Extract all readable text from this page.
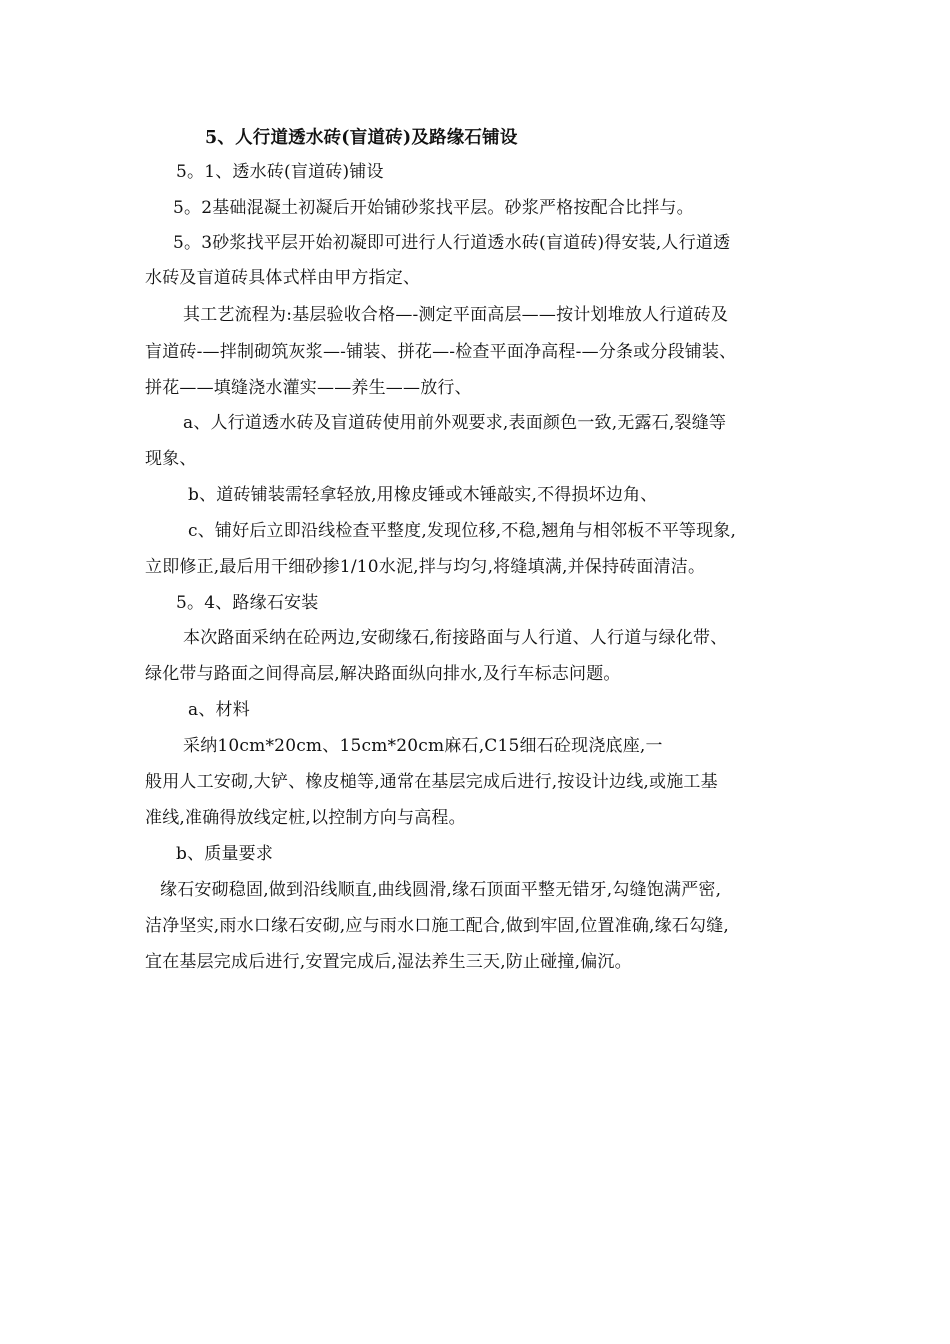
5、人行道透水砖(盲道砖)及路缘石铺设
5。1、透水砖(盲道砖)铺设
5。2基础混凝土初凝后开始铺砂浆找平层。砂浆严格按配合比拌与。
5。3砂浆找平层开始初凝即可进行人行道透水砖(盲道砖)得安装,人行道透
水砖及盲道砖具体式样由甲方指定、
其工艺流程为:基层验收合格—-测定平面高层——按计划堆放人行道砖及
盲道砖-—拌制砌筑灰浆—-铺装、拼花—-检查平面净高程-—分条或分段铺装、
拼花——填缝浇水灌实——养生——放行、
a、人行道透水砖及盲道砖使用前外观要求,表面颜色一致,无露石,裂缝等
现象、
b、道砖铺装需轻拿轻放,用橡皮锤或木锤敲实,不得损坏边角、
c、铺好后立即沿线检查平整度,发现位移,不稳,翘角与相邻板不平等现象,
立即修正,最后用干细砂掺1/10水泥,拌与均匀,将缝填满,并保持砖面清洁。
5。4、路缘石安装
本次路面采纳在砼两边,安砌缘石,衔接路面与人行道、人行道与绿化带、
绿化带与路面之间得高层,解决路面纵向排水,及行车标志问题。
a、材料
采纳10cm*20cm、15cm*20cm麻石,C15细石砼现浇底座,一
般用人工安砌,大铲、橡皮槌等,通常在基层完成后进行,按设计边线,或施工基
准线,准确得放线定桩,以控制方向与高程。
b、质量要求
缘石安砌稳固,做到沿线顺直,曲线圆滑,缘石顶面平整无错牙,勾缝饱满严密,
洁净坚实,雨水口缘石安砌,应与雨水口施工配合,做到牢固,位置准确,缘石勾缝,
宜在基层完成后进行,安置完成后,湿法养生三天,防止碰撞,偏沉。
